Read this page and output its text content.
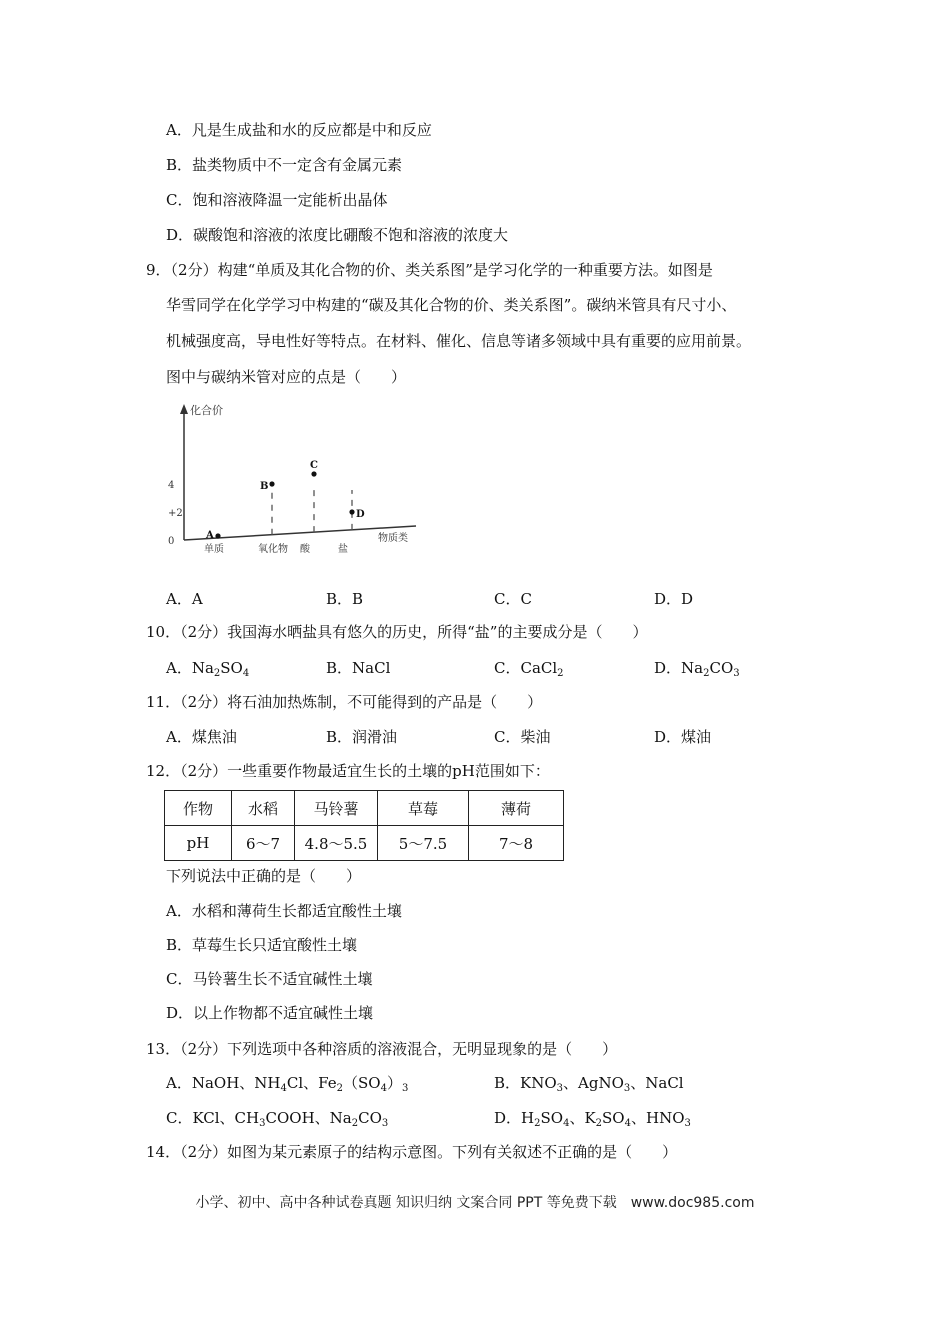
A．凡是生成盐和水的反应都是中和反应
B．盐类物质中不一定含有金属元素
C．饱和溶液降温一定能析出晶体
D．碳酸饱和溶液的浓度比硼酸不饱和溶液的浓度大
9．（2分）构建“单质及其化合物的价、类关系图”是学习化学的一种重要方法。如图是
华雪同学在化学学习中构建的“碳及其化合物的价、类关系图”。碳纳米管具有尺寸小、
机械强度高，导电性好等特点。在材料、催化、信息等诸多领域中具有重要的应用前景。
图中与碳纳米管对应的点是（　　）
化合价
物质类
4
+2
0
单质	氧化物 酸	盐
A
B
C
D
A．A	B．B	C．C	D．D
10．（2分）我国海水晒盐具有悠久的历史，所得“盐”的主要成分是（　　）
A．$Na_2SO_4$	B．NaCl	C．CaCl$_2$	D．$Na_2CO_3$
11．（2分）将石油加热炼制，不可能得到的产品是（　　）
A．煤焦油	B．润滑油	C．柴油	D．煤油
12．（2分）一些重要作物最适宜生长的土壤的pH范围如下：
作物	水稻	马铃薯	草莓	薄荷
pH	6～7	4.8～5.5	5～7.5	7～8
下列说法中正确的是（　　）
A．水稻和薄荷生长都适宜酸性土壤
B．草莓生长只适宜酸性土壤
C．马铃薯生长不适宜碱性土壤
D．以上作物都不适宜碱性土壤
13．（2分）下列选项中各种溶质的溶液混合，无明显现象的是（　　）
A．NaOH、$NH_4Cl$、$Fe_2(SO_4)_3$	B．$KNO_3$、AgNO$_3$、NaCl
C．KCl、$CH_3COOH$、$Na_2CO_3$	D．$H_2SO_4$、$K_2SO_4$、$HNO_3$
14．（2分）如图为某元素原子的结构示意图。下列有关叙述不正确的是（　　）
小学、初中、高中各种试卷真题 知识归纳 文案合同 PPT 等免费下载　www.doc985.com
